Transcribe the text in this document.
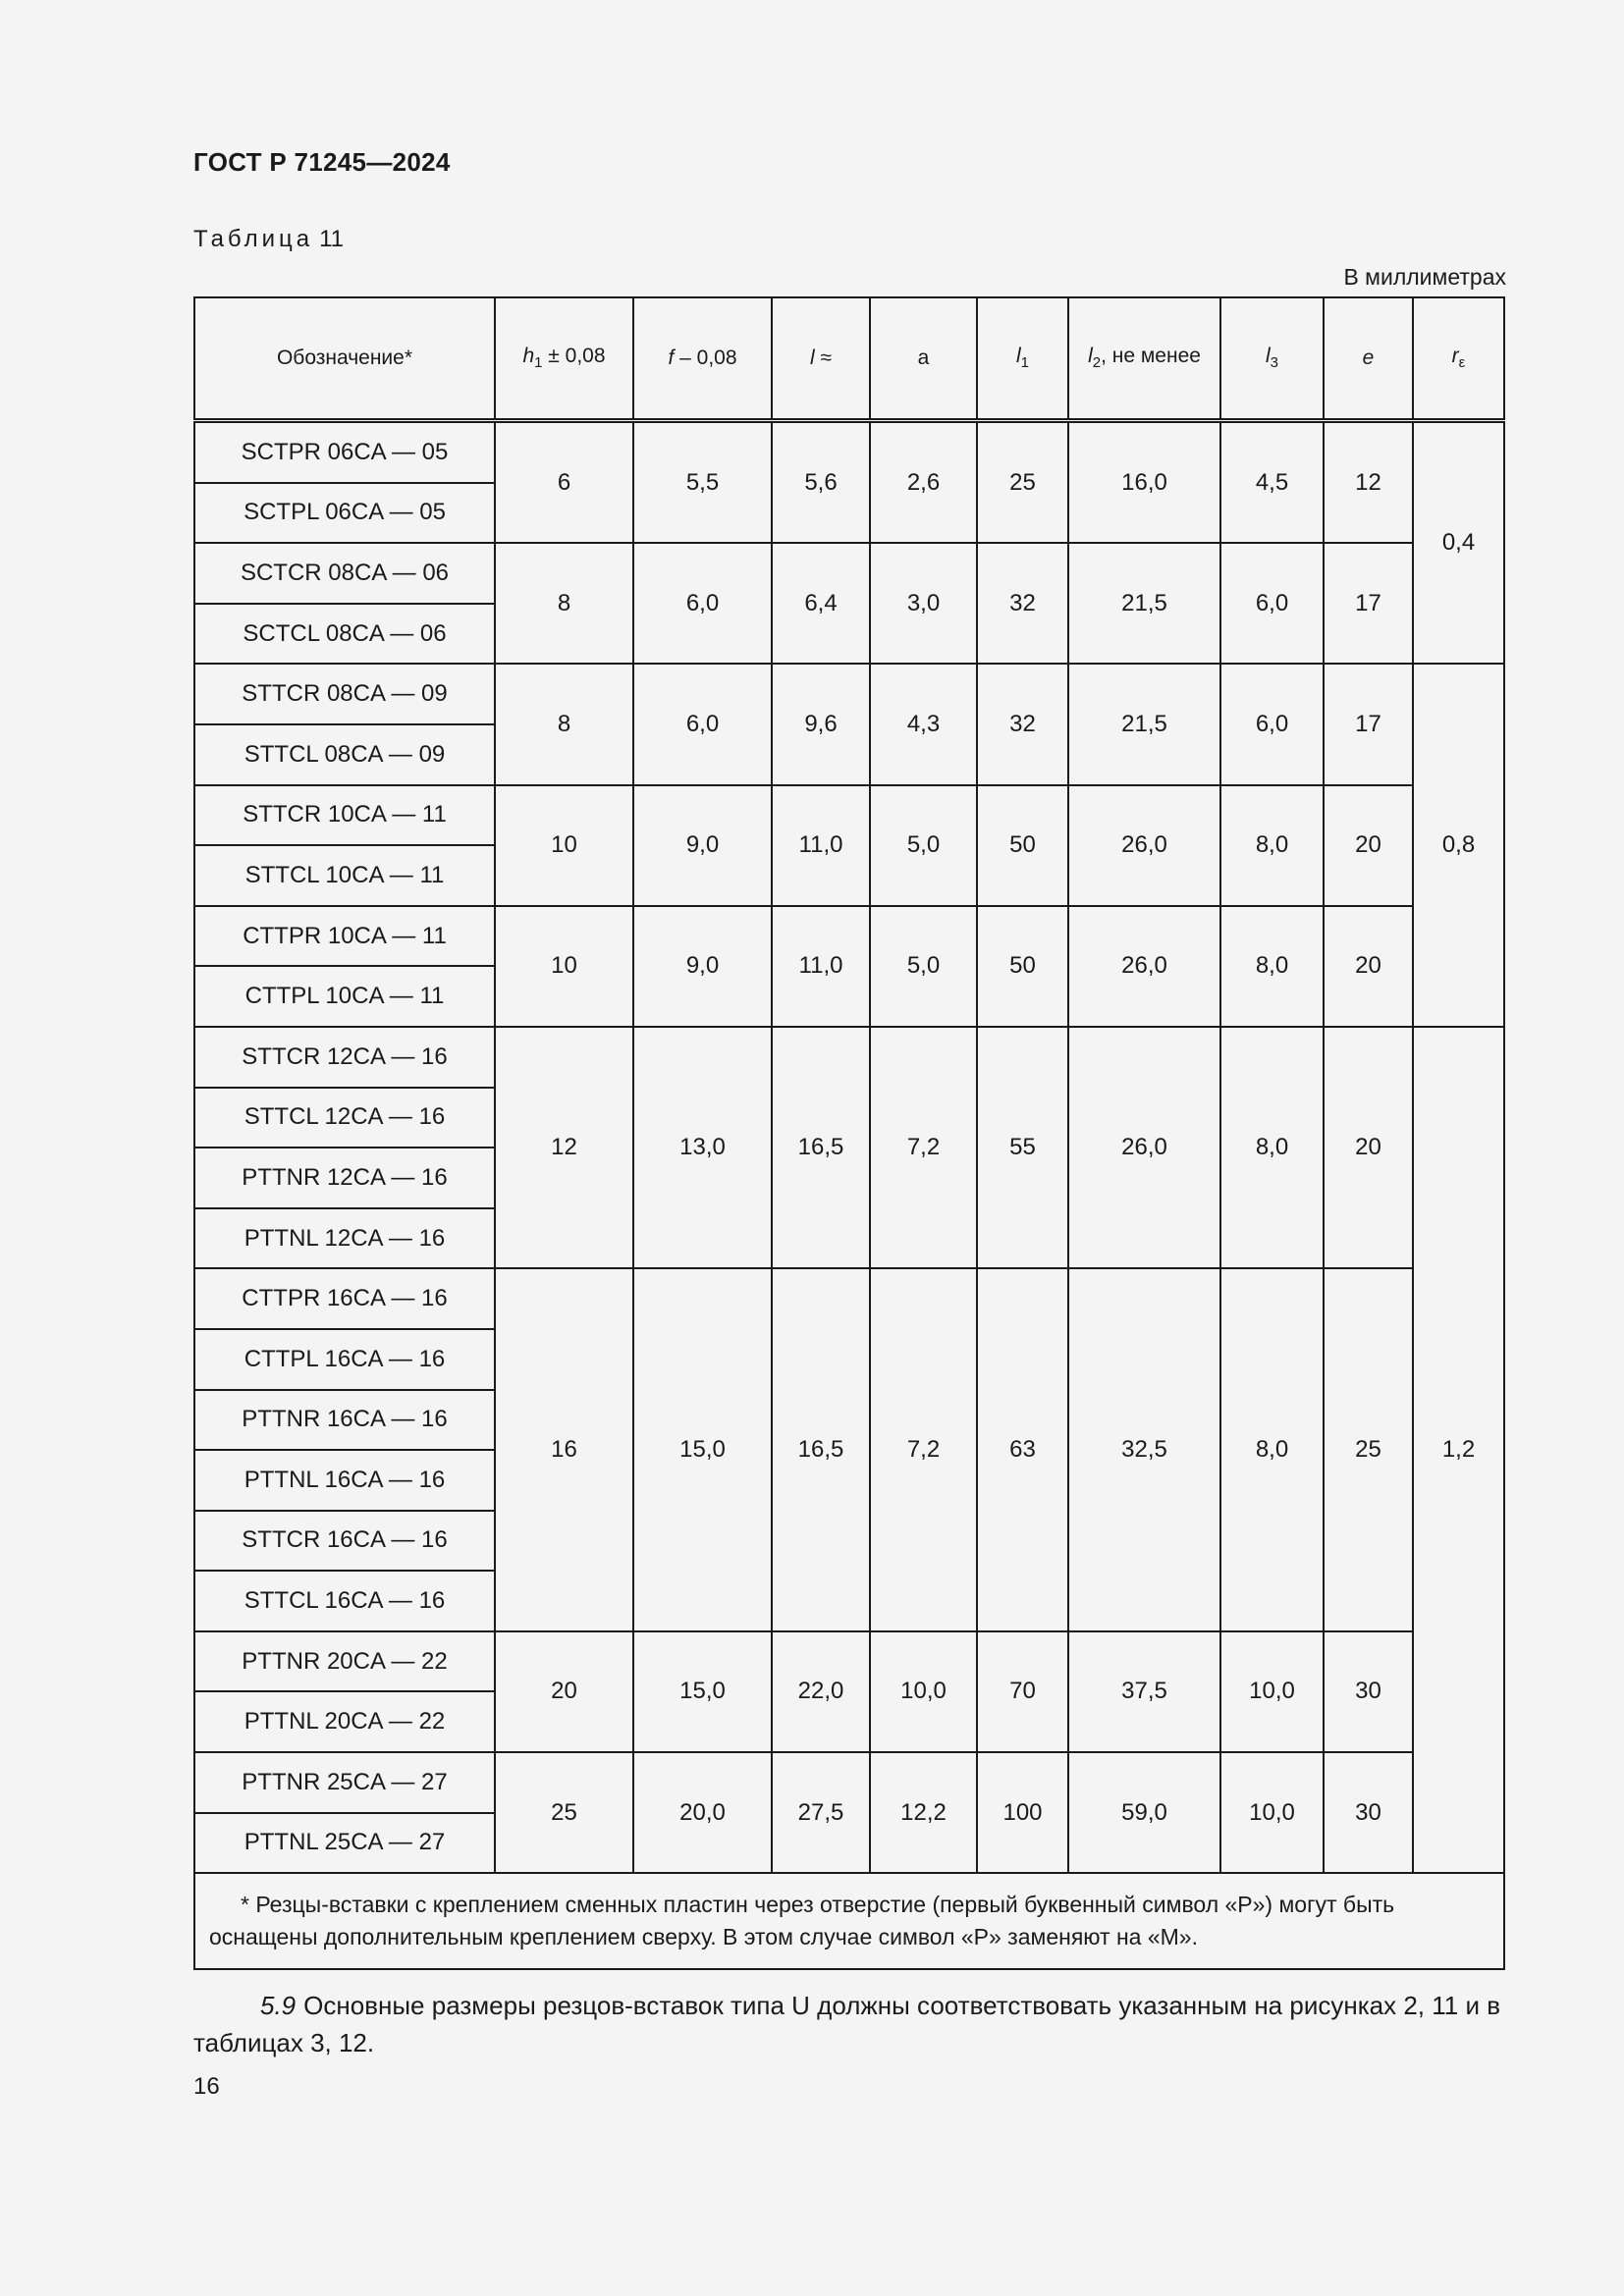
ГОСТ Р 71245—2024
Таблица 11
В миллиметрах
Обозначение*	$h_1 \pm 0,08$	f – 0,08	l ≈	a	$l_1$	$l_2$, не менее	$l_3$	e	$r_\varepsilon$
SCTPR 06CA — 05	6	5,5	5,6	2,6	25	16,0	4,5	12	0,4
SCTPL 06CA — 05									
SCTCR 08CA — 06	8	6,0	6,4	3,0	32	21,5	6,0	17	
SCTCL 08CA — 06									
STTCR 08CA — 09	8	6,0	9,6	4,3	32	21,5	6,0	17	0,8
STTCL 08CA — 09									
STTCR 10CA — 11	10	9,0	11,0	5,0	50	26,0	8,0	20	
STTCL 10CA — 11									
CTTPR 10CA — 11	10	9,0	11,0	5,0	50	26,0	8,0	20	
CTTPL 10CA — 11									
STTCR 12CA — 16	12	13,0	16,5	7,2	55	26,0	8,0	20	1,2
STTCL 12CA — 16									
PTTNR 12CA — 16									
PTTNL 12CA — 16									
CTTPR 16CA — 16	16	15,0	16,5	7,2	63	32,5	8,0	25	
CTTPL 16CA — 16									
PTTNR 16CA — 16									
PTTNL 16CA — 16									
STTCR 16CA — 16									
STTCL 16CA — 16									
PTTNR 20CA — 22	20	15,0	22,0	10,0	70	37,5	10,0	30	
PTTNL 20CA — 22									
PTTNR 25CA — 27	25	20,0	27,5	12,2	100	59,0	10,0	30	
PTTNL 25CA — 27									
* Резцы-вставки с креплением сменных пластин через отверстие (первый буквенный символ «P») могут быть оснащены дополнительным креплением сверху. В этом случае символ «P» заменяют на «M».									
5.9 Основные размеры резцов-вставок типа U должны соответствовать указанным на рисунках 2, 11 и в таблицах 3, 12.
16
